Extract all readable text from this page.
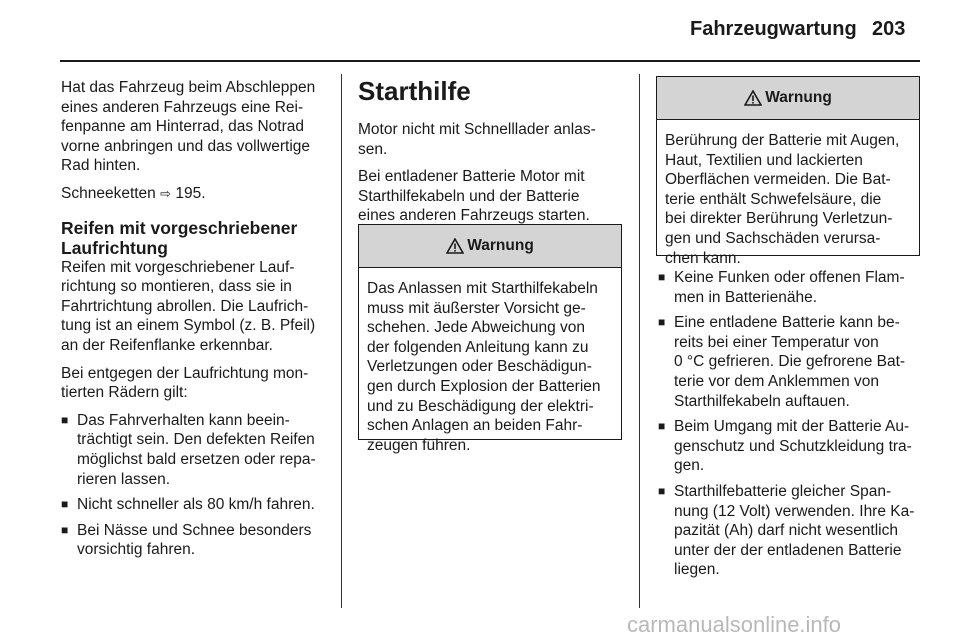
Fahrzeugwartung 203

Hat das Fahrzeug beim Abschleppen
eines anderen Fahrzeugs eine Rei-
fenpanne am Hinterrad, das Notrad
vorne anbringen und das vollwertige
Rad hinten.

Schneeketten ⇨ 195.

Reifen mit vorgeschriebener
Laufrichtung

Reifen mit vorgeschriebener Lauf-
richtung so montieren, dass sie in
Fahrtrichtung abrollen. Die Laufrich-
tung ist an einem Symbol (z. B. Pfeil)
an der Reifenflanke erkennbar.

Bei entgegen der Laufrichtung mon-
tierten Rädern gilt:

■ Das Fahrverhalten kann beein-
trächtigt sein. Den defekten Reifen
möglichst bald ersetzen oder repa-
rieren lassen.
■ Nicht schneller als 80 km/h fahren.
■ Bei Nässe und Schnee besonders
vorsichtig fahren.
Starthilfe

Motor nicht mit Schnelllader anlas-
sen.

Bei entladener Batterie Motor mit
Starthilfekabeln und der Batterie
eines anderen Fahrzeugs starten.

Warnung
Das Anlassen mit Starthilfekabeln
muss mit äußerster Vorsicht ge-
schehen. Jede Abweichung von
der folgenden Anleitung kann zu
Verletzungen oder Beschädigun-
gen durch Explosion der Batterien
und zu Beschädigung der elektri-
schen Anlagen an beiden Fahr-
zeugen führen.
Warnung
Berührung der Batterie mit Augen,
Haut, Textilien und lackierten
Oberflächen vermeiden. Die Bat-
terie enthält Schwefelsäure, die
bei direkter Berührung Verletzun-
gen und Sachschäden verursa-
chen kann.
■ Keine Funken oder offenen Flam-
men in Batterienähe.
■ Eine entladene Batterie kann be-
reits bei einer Temperatur von
0 °C gefrieren. Die gefrorene Bat-
terie vor dem Anklemmen von
Starthilfekabeln auftauen.
■ Beim Umgang mit der Batterie Au-
genschutz und Schutzkleidung tra-
gen.
■ Starthilfebatterie gleicher Span-
nung (12 Volt) verwenden. Ihre Ka-
pazität (Ah) darf nicht wesentlich
unter der der entladenen Batterie
liegen.
carmanualsonline.info
